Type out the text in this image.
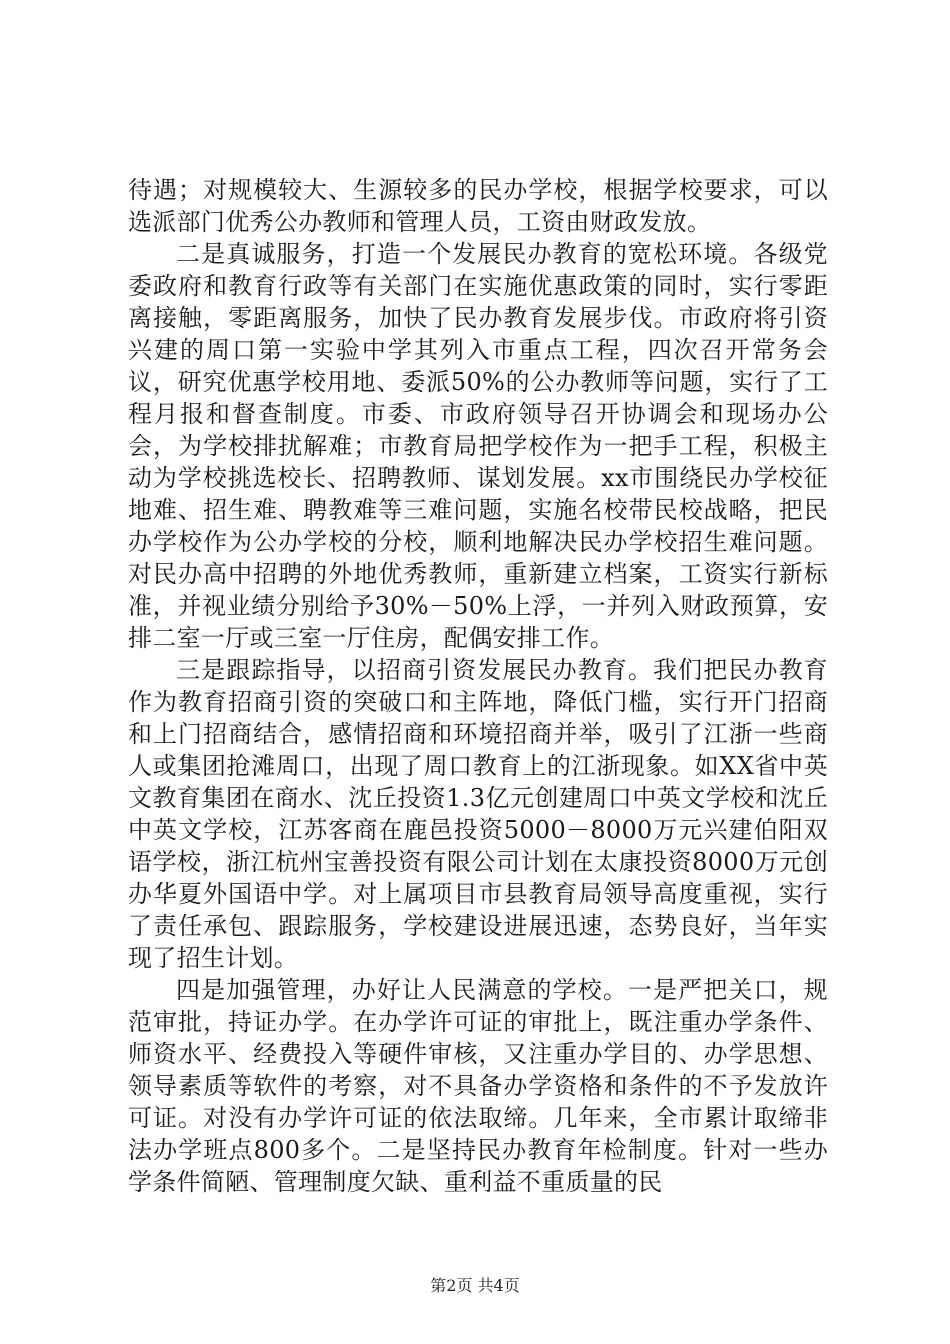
待遇；对规模较大、生源较多的民办学校，根据学校要求，可以选派部门优秀公办教师和管理人员，工资由财政发放。

二是真诚服务，打造一个发展民办教育的宽松环境。各级党委政府和教育行政等有关部门在实施优惠政策的同时，实行零距离接触，零距离服务，加快了民办教育发展步伐。市政府将引资兴建的周口第一实验中学其列入市重点工程，四次召开常务会议，研究优惠学校用地、委派50%的公办教师等问题，实行了工程月报和督查制度。市委、市政府领导召开协调会和现场办公会，为学校排扰解难；市教育局把学校作为一把手工程，积极主动为学校挑选校长、招聘教师、谋划发展。xx市围绕民办学校征地难、招生难、聘教难等三难问题，实施名校带民校战略，把民办学校作为公办学校的分校，顺利地解决民办学校招生难问题。对民办高中招聘的外地优秀教师，重新建立档案，工资实行新标准，并视业绩分别给予30%－50%上浮，一并列入财政预算，安排二室一厅或三室一厅住房，配偶安排工作。

三是跟踪指导，以招商引资发展民办教育。我们把民办教育作为教育招商引资的突破口和主阵地，降低门槛，实行开门招商和上门招商结合，感情招商和环境招商并举，吸引了江浙一些商人或集团抢滩周口，出现了周口教育上的江浙现象。如XX省中英文教育集团在商水、沈丘投资1.3亿元创建周口中英文学校和沈丘中英文学校，江苏客商在鹿邑投资5000－8000万元兴建伯阳双语学校，浙江杭州宝善投资有限公司计划在太康投资8000万元创办华夏外国语中学。对上属项目市县教育局领导高度重视，实行了责任承包、跟踪服务，学校建设进展迅速，态势良好，当年实现了招生计划。

四是加强管理，办好让人民满意的学校。一是严把关口，规范审批，持证办学。在办学许可证的审批上，既注重办学条件、师资水平、经费投入等硬件审核，又注重办学目的、办学思想、领导素质等软件的考察，对不具备办学资格和条件的不予发放许可证。对没有办学许可证的依法取缔。几年来，全市累计取缔非法办学班点800多个。二是坚持民办教育年检制度。针对一些办学条件简陋、管理制度欠缺、重利益不重质量的民

第2页 共4页
